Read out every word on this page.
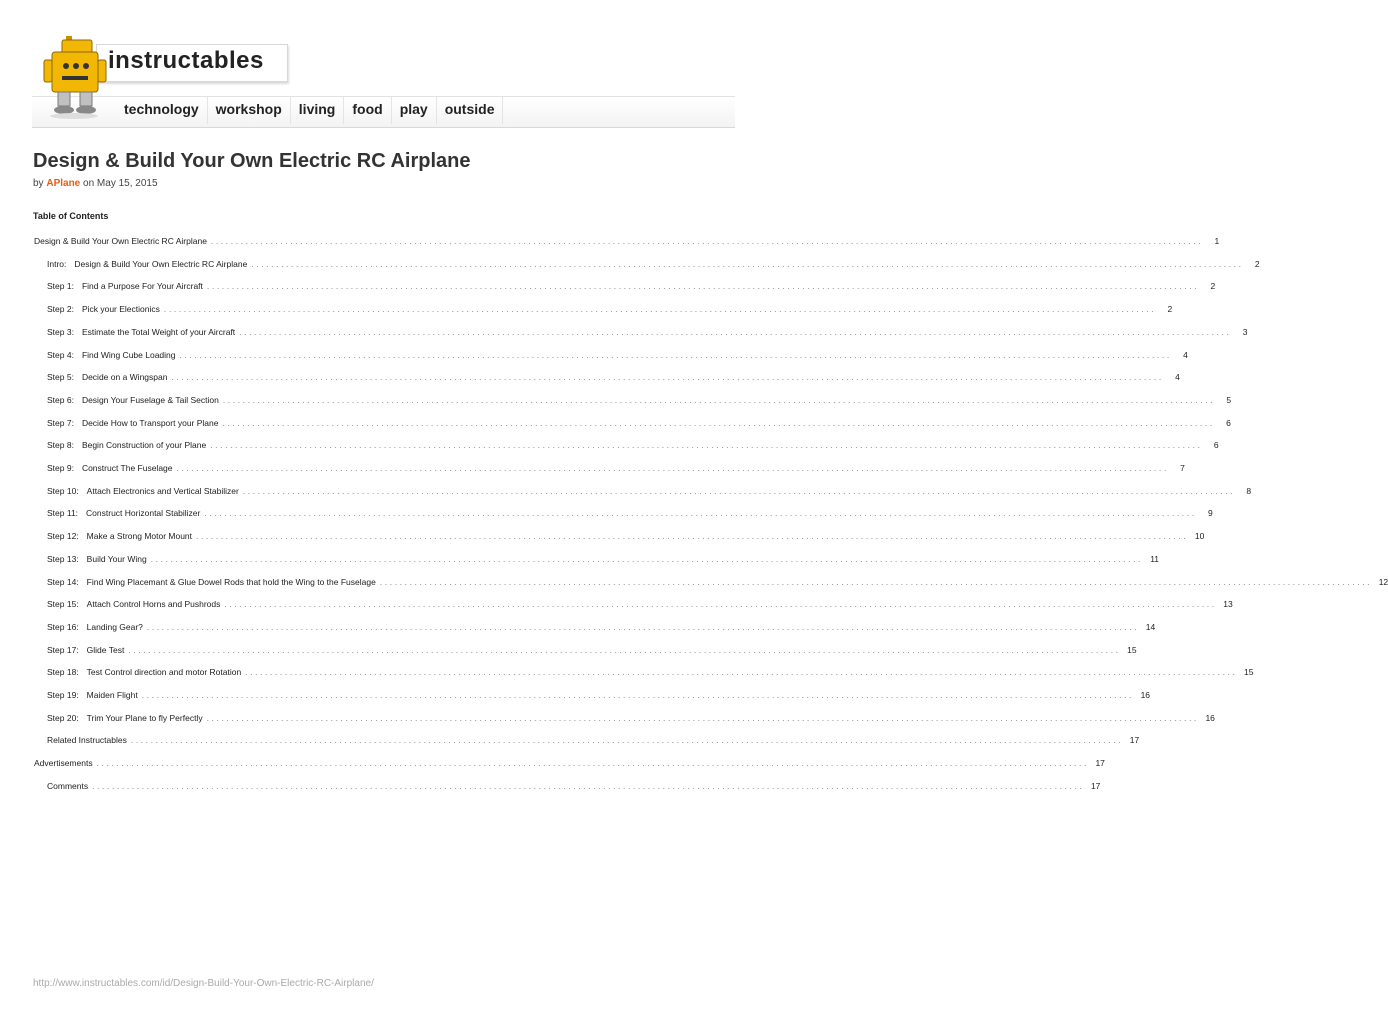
instructables
technology	workshop	living	food	play	outside
Design & Build Your Own Electric RC Airplane
by APlane on May 15, 2015
Table of Contents
Design & Build Your Own Electric RC Airplane ........................................................................................................................................................................................................	1
Intro: Design & Build Your Own Electric RC Airplane ........................................................................................................................................................................................................	2
Step 1: Find a Purpose For Your Aircraft ........................................................................................................................................................................................................	2
Step 2: Pick your Electionics ........................................................................................................................................................................................................	2
Step 3: Estimate the Total Weight of your Aircraft ........................................................................................................................................................................................................	3
Step 4: Find Wing Cube Loading ........................................................................................................................................................................................................	4
Step 5: Decide on a Wingspan ........................................................................................................................................................................................................	4
Step 6: Design Your Fuselage & Tail Section ........................................................................................................................................................................................................	5
Step 7: Decide How to Transport your Plane ........................................................................................................................................................................................................	6
Step 8: Begin Construction of your Plane ........................................................................................................................................................................................................	6
Step 9: Construct The Fuselage ........................................................................................................................................................................................................	7
Step 10: Attach Electronics and Vertical Stabilizer ........................................................................................................................................................................................................	8
Step 11: Construct Horizontal Stabilizer ........................................................................................................................................................................................................	9
Step 12: Make a Strong Motor Mount ........................................................................................................................................................................................................ 10
Step 13: Build Your Wing ........................................................................................................................................................................................................ 11
Step 14: Find Wing Placemant & Glue Dowel Rods that hold the Wing to the Fuselage ........................................................................................................................................................................................................ 12
Step 15: Attach Control Horns and Pushrods ........................................................................................................................................................................................................ 13
Step 16: Landing Gear? ........................................................................................................................................................................................................ 14
Step 17: Glide Test ........................................................................................................................................................................................................ 15
Step 18: Test Control direction and motor Rotation ........................................................................................................................................................................................................ 15
Step 19: Maiden Flight ........................................................................................................................................................................................................ 16
Step 20: Trim Your Plane to fly Perfectly ........................................................................................................................................................................................................ 16
Related Instructables ........................................................................................................................................................................................................ 17
Advertisements ........................................................................................................................................................................................................ 17
Comments ........................................................................................................................................................................................................ 17
http://www.instructables.com/id/Design-Build-Your-Own-Electric-RC-Airplane/
